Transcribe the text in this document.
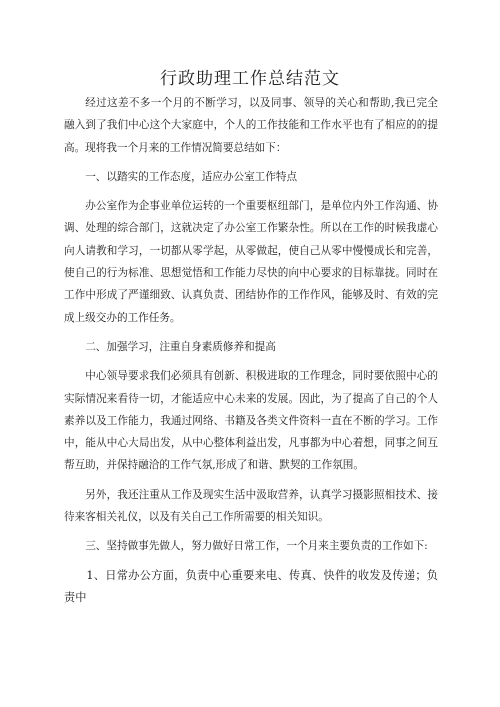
行政助理工作总结范文

经过这差不多一个月的不断学习，以及同事、领导的关心和帮助,我已完全融入到了我们中心这个大家庭中，个人的工作技能和工作水平也有了相应的的提高。现将我一个月来的工作情况简要总结如下：

一、以踏实的工作态度，适应办公室工作特点

办公室作为企事业单位运转的一个重要枢纽部门，是单位内外工作沟通、协调、处理的综合部门，这就决定了办公室工作繁杂性。所以在工作的时候我虚心向人请教和学习，一切都从零学起，从零做起，使自己从零中慢慢成长和完善，使自己的行为标准、思想觉悟和工作能力尽快的向中心要求的目标靠拢。同时在工作中形成了严谨细致、认真负责、团结协作的工作作风，能够及时、有效的完成上级交办的工作任务。

二、加强学习，注重自身素质修养和提高

中心领导要求我们必须具有创新、积极进取的工作理念，同时要依照中心的实际情况来看待一切，才能适应中心未来的发展。因此，为了提高了自己的个人素养以及工作能力，我通过网络、书籍及各类文件资料一直在不断的学习。工作中，能从中心大局出发，从中心整体利益出发，凡事都为中心着想，同事之间互帮互助，并保持融洽的工作气氛,形成了和谐、默契的工作氛围。

另外，我还注重从工作及现实生活中汲取营养，认真学习摄影照相技术、接待来客相关礼仪，以及有关自己工作所需要的相关知识。

三、坚持做事先做人，努力做好日常工作，一个月来主要负责的工作如下:

1、日常办公方面，负责中心重要来电、传真、快件的收发及传递；负责中
